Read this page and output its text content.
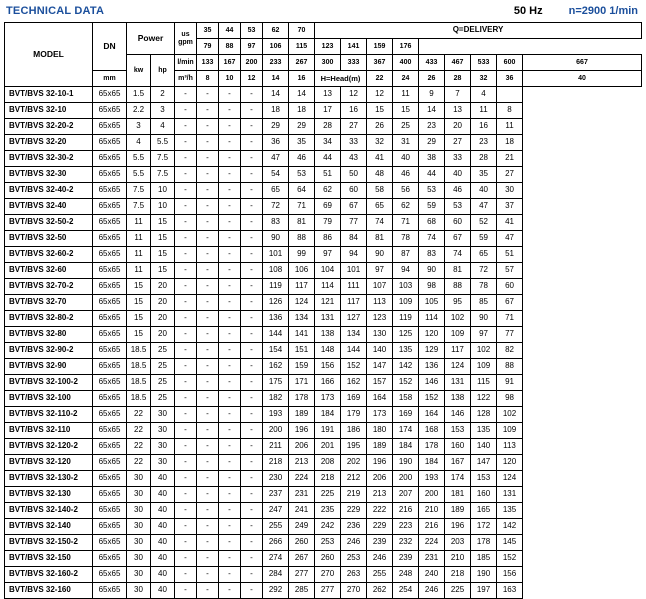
TECHNICAL DATA	50 Hz n=2900 1/min
MODEL	DN	Power		us gpm	35	44	53	62	70	Q=DELIVERY								
					79	88	97	106	115	123	141	159	176					
		kw	hp	l/min	133	167	200	233	267	300	333	367	400	433	467	533	600	667
	mm			m³/h	8	10	12	14	16	H=Head(m)		22	24	26	28	32	36	40
BVT/BVS 32-10-1	65x65	1.5	2	-	-	-	-	14	14	13	12	12	11	9	7	4		
BVT/BVS 32-10	65x65	2.2	3	-	-	-	-	18	18	17	16	15	15	14	13	11	8	
BVT/BVS 32-20-2	65x65	3	4	-	-	-	-	29	29	28	27	26	25	23	20	16	11	
BVT/BVS 32-20	65x65	4	5.5	-	-	-	-	36	35	34	33	32	31	29	27	23	18	
BVT/BVS 32-30-2	65x65	5.5	7.5	-	-	-	-	47	46	44	43	41	40	38	33	28	21	
BVT/BVS 32-30	65x65	5.5	7.5	-	-	-	-	54	53	51	50	48	46	44	40	35	27	
BVT/BVS 32-40-2	65x65	7.5	10	-	-	-	-	65	64	62	60	58	56	53	46	40	30	
BVT/BVS 32-40	65x65	7.5	10	-	-	-	-	72	71	69	67	65	62	59	53	47	37	
BVT/BVS 32-50-2	65x65	11	15	-	-	-	-	83	81	79	77	74	71	68	60	52	41	
BVT/BVS 32-50	65x65	11	15	-	-	-	-	90	88	86	84	81	78	74	67	59	47	
BVT/BVS 32-60-2	65x65	11	15	-	-	-	-	101	99	97	94	90	87	83	74	65	51	
BVT/BVS 32-60	65x65	11	15	-	-	-	-	108	106	104	101	97	94	90	81	72	57	
BVT/BVS 32-70-2	65x65	15	20	-	-	-	-	119	117	114	111	107	103	98	88	78	60	
BVT/BVS 32-70	65x65	15	20	-	-	-	-	126	124	121	117	113	109	105	95	85	67	
BVT/BVS 32-80-2	65x65	15	20	-	-	-	-	136	134	131	127	123	119	114	102	90	71	
BVT/BVS 32-80	65x65	15	20	-	-	-	-	144	141	138	134	130	125	120	109	97	77	
BVT/BVS 32-90-2	65x65	18.5	25	-	-	-	-	154	151	148	144	140	135	129	117	102	82	
BVT/BVS 32-90	65x65	18.5	25	-	-	-	-	162	159	156	152	147	142	136	124	109	88	
BVT/BVS 32-100-2	65x65	18.5	25	-	-	-	-	175	171	166	162	157	152	146	131	115	91	
BVT/BVS 32-100	65x65	18.5	25	-	-	-	-	182	178	173	169	164	158	152	138	122	98	
BVT/BVS 32-110-2	65x65	22	30	-	-	-	-	193	189	184	179	173	169	164	146	128	102	
BVT/BVS 32-110	65x65	22	30	-	-	-	-	200	196	191	186	180	174	168	153	135	109	
BVT/BVS 32-120-2	65x65	22	30	-	-	-	-	211	206	201	195	189	184	178	160	140	113	
BVT/BVS 32-120	65x65	22	30	-	-	-	-	218	213	208	202	196	190	184	167	147	120	
BVT/BVS 32-130-2	65x65	30	40	-	-	-	-	230	224	218	212	206	200	193	174	153	124	
BVT/BVS 32-130	65x65	30	40	-	-	-	-	237	231	225	219	213	207	200	181	160	131	
BVT/BVS 32-140-2	65x65	30	40	-	-	-	-	247	241	235	229	222	216	210	189	165	135	
BVT/BVS 32-140	65x65	30	40	-	-	-	-	255	249	242	236	229	223	216	196	172	142	
BVT/BVS 32-150-2	65x65	30	40	-	-	-	-	266	260	253	246	239	232	224	203	178	145	
BVT/BVS 32-150	65x65	30	40	-	-	-	-	274	267	260	253	246	239	231	210	185	152	
BVT/BVS 32-160-2	65x65	30	40	-	-	-	-	284	277	270	263	255	248	240	218	190	156	
BVT/BVS 32-160	65x65	30	40	-	-	-	-	292	285	277	270	262	254	246	225	197	163	
